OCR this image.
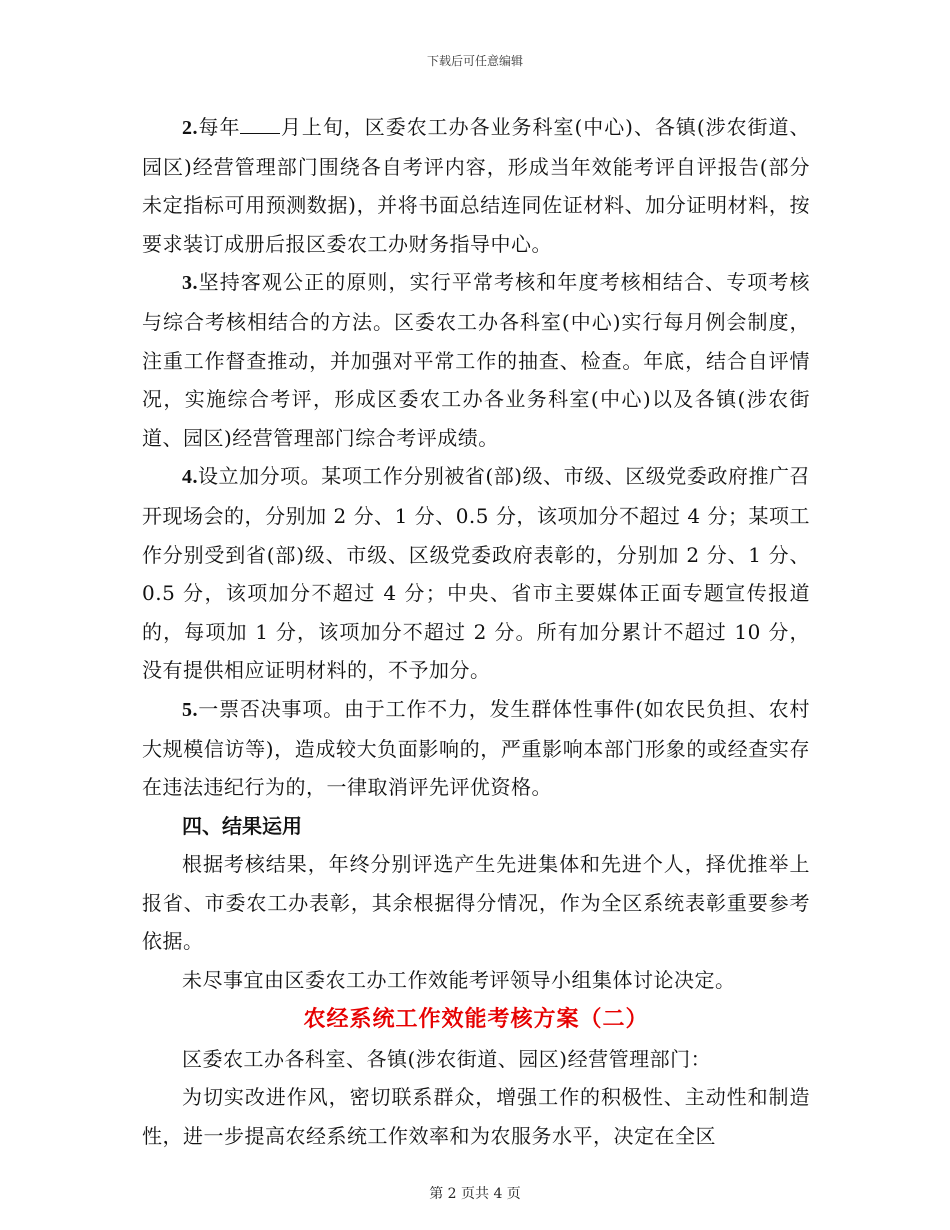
下载后可任意编辑

2.每年 月上旬，区委农工办各业务科室(中心)、各镇(涉农街道、园区)经营管理部门围绕各自考评内容，形成当年效能考评自评报告(部分未定指标可用预测数据)，并将书面总结连同佐证材料、加分证明材料，按要求装订成册后报区委农工办财务指导中心。

3.坚持客观公正的原则，实行平常考核和年度考核相结合、专项考核与综合考核相结合的方法。区委农工办各科室(中心)实行每月例会制度，注重工作督查推动，并加强对平常工作的抽查、检查。年底，结合自评情况，实施综合考评，形成区委农工办各业务科室(中心)以及各镇(涉农街道、园区)经营管理部门综合考评成绩。

4.设立加分项。某项工作分别被省(部)级、市级、区级党委政府推广召开现场会的，分别加 2 分、1 分、0.5 分，该项加分不超过 4 分；某项工作分别受到省(部)级、市级、区级党委政府表彰的，分别加 2 分、1 分、0.5 分，该项加分不超过 4 分；中央、省市主要媒体正面专题宣传报道的，每项加 1 分，该项加分不超过 2 分。所有加分累计不超过 10 分，没有提供相应证明材料的，不予加分。

5.一票否决事项。由于工作不力，发生群体性事件(如农民负担、农村大规模信访等)，造成较大负面影响的，严重影响本部门形象的或经查实存在违法违纪行为的，一律取消评先评优资格。

四、结果运用

根据考核结果，年终分别评选产生先进集体和先进个人，择优推举上报省、市委农工办表彰，其余根据得分情况，作为全区系统表彰重要参考依据。

未尽事宜由区委农工办工作效能考评领导小组集体讨论决定。

农经系统工作效能考核方案（二）

区委农工办各科室、各镇(涉农街道、园区)经营管理部门：

为切实改进作风，密切联系群众，增强工作的积极性、主动性和制造性，进一步提高农经系统工作效率和为农服务水平，决定在全区

第 2 页共 4 页
